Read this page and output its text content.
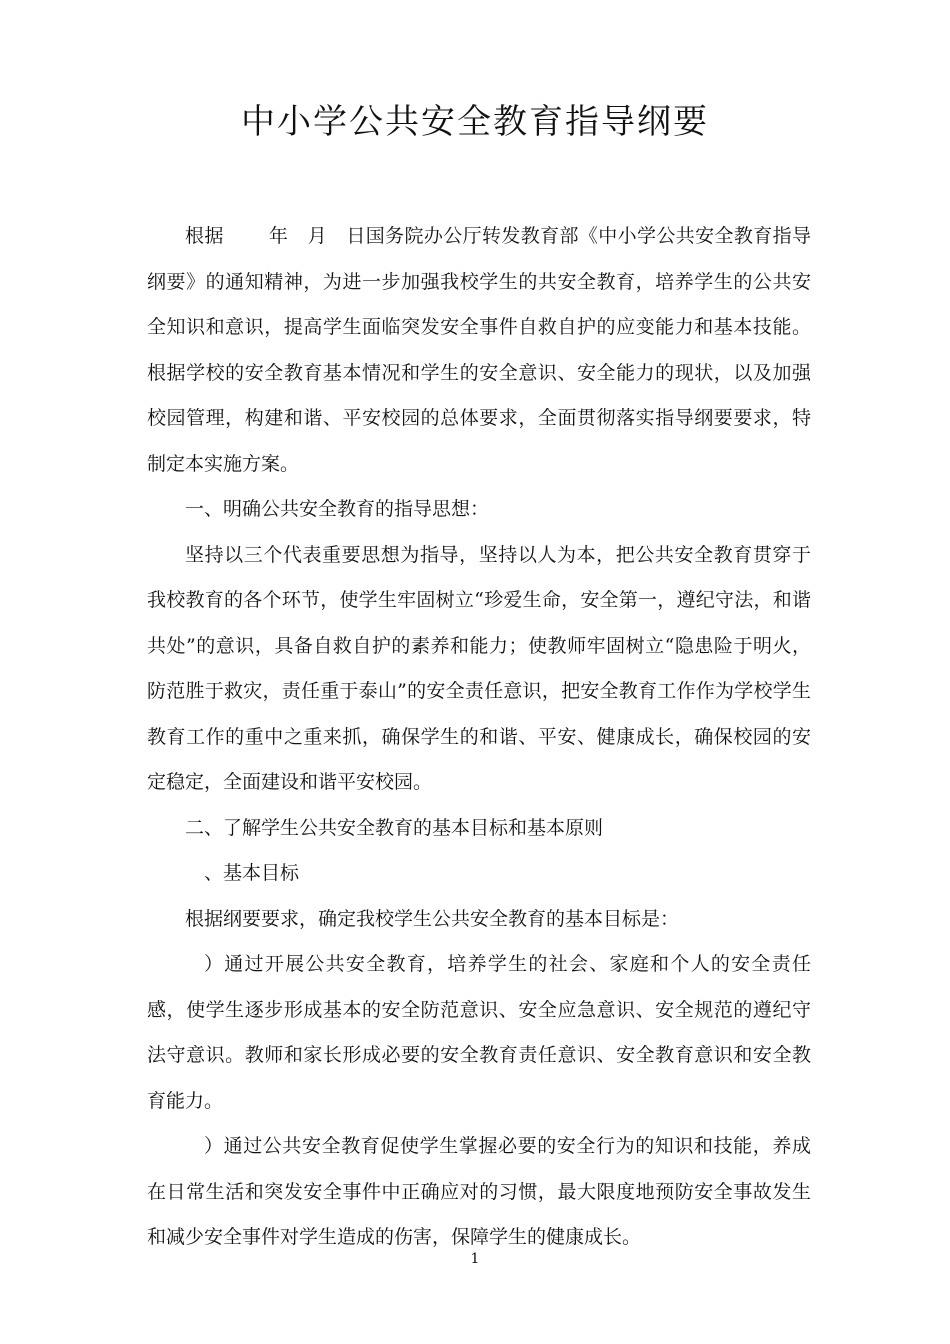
中小学公共安全教育指导纲要

根据　　 年　月　日国务院办公厅转发教育部《中小学公共安全教育指导纲要》的通知精神，为进一步加强我校学生的共安全教育，培养学生的公共安全知识和意识，提高学生面临突发安全事件自救自护的应变能力和基本技能。根据学校的安全教育基本情况和学生的安全意识、安全能力的现状，以及加强校园管理，构建和谐、平安校园的总体要求，全面贯彻落实指导纲要要求，特制定本实施方案。

一、明确公共安全教育的指导思想：

坚持以三个代表重要思想为指导，坚持以人为本，把公共安全教育贯穿于我校教育的各个环节，使学生牢固树立“珍爱生命，安全第一，遵纪守法，和谐共处”的意识，具备自救自护的素养和能力；使教师牢固树立“隐患险于明火，防范胜于救灾，责任重于泰山”的安全责任意识，把安全教育工作作为学校学生教育工作的重中之重来抓，确保学生的和谐、平安、健康成长，确保校园的安定稳定，全面建设和谐平安校园。

二、了解学生公共安全教育的基本目标和基本原则

、基本目标

根据纲要要求，确定我校学生公共安全教育的基本目标是：

）通过开展公共安全教育，培养学生的社会、家庭和个人的安全责任感，使学生逐步形成基本的安全防范意识、安全应急意识、安全规范的遵纪守法守意识。教师和家长形成必要的安全教育责任意识、安全教育意识和安全教育能力。

）通过公共安全教育促使学生掌握必要的安全行为的知识和技能，养成在日常生活和突发安全事件中正确应对的习惯，最大限度地预防安全事故发生和减少安全事件对学生造成的伤害，保障学生的健康成长。

1
